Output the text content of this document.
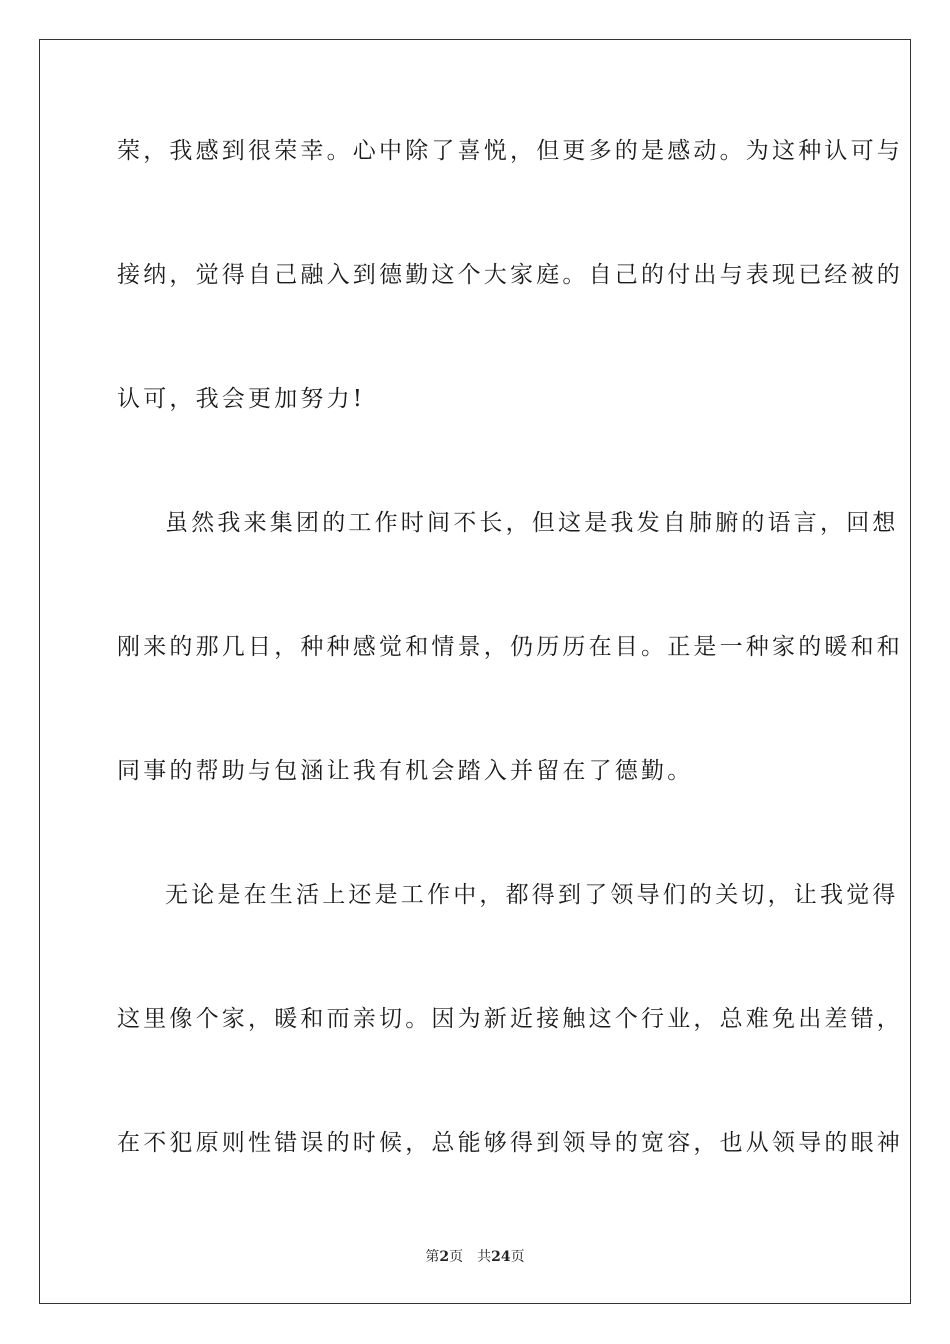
荣，我感到很荣幸。心中除了喜悦，但更多的是感动。为这种认可与
接纳，觉得自己融入到德勤这个大家庭。自己的付出与表现已经被的
认可，我会更加努力!
虽然我来集团的工作时间不长，但这是我发自肺腑的语言，回想
刚来的那几日，种种感觉和情景，仍历历在目。正是一种家的暖和和
同事的帮助与包涵让我有机会踏入并留在了德勤。
无论是在生活上还是工作中，都得到了领导们的关切，让我觉得
这里像个家，暖和而亲切。因为新近接触这个行业，总难免出差错，
在不犯原则性错误的时候，总能够得到领导的宽容，也从领导的眼神
第2页 共24页
